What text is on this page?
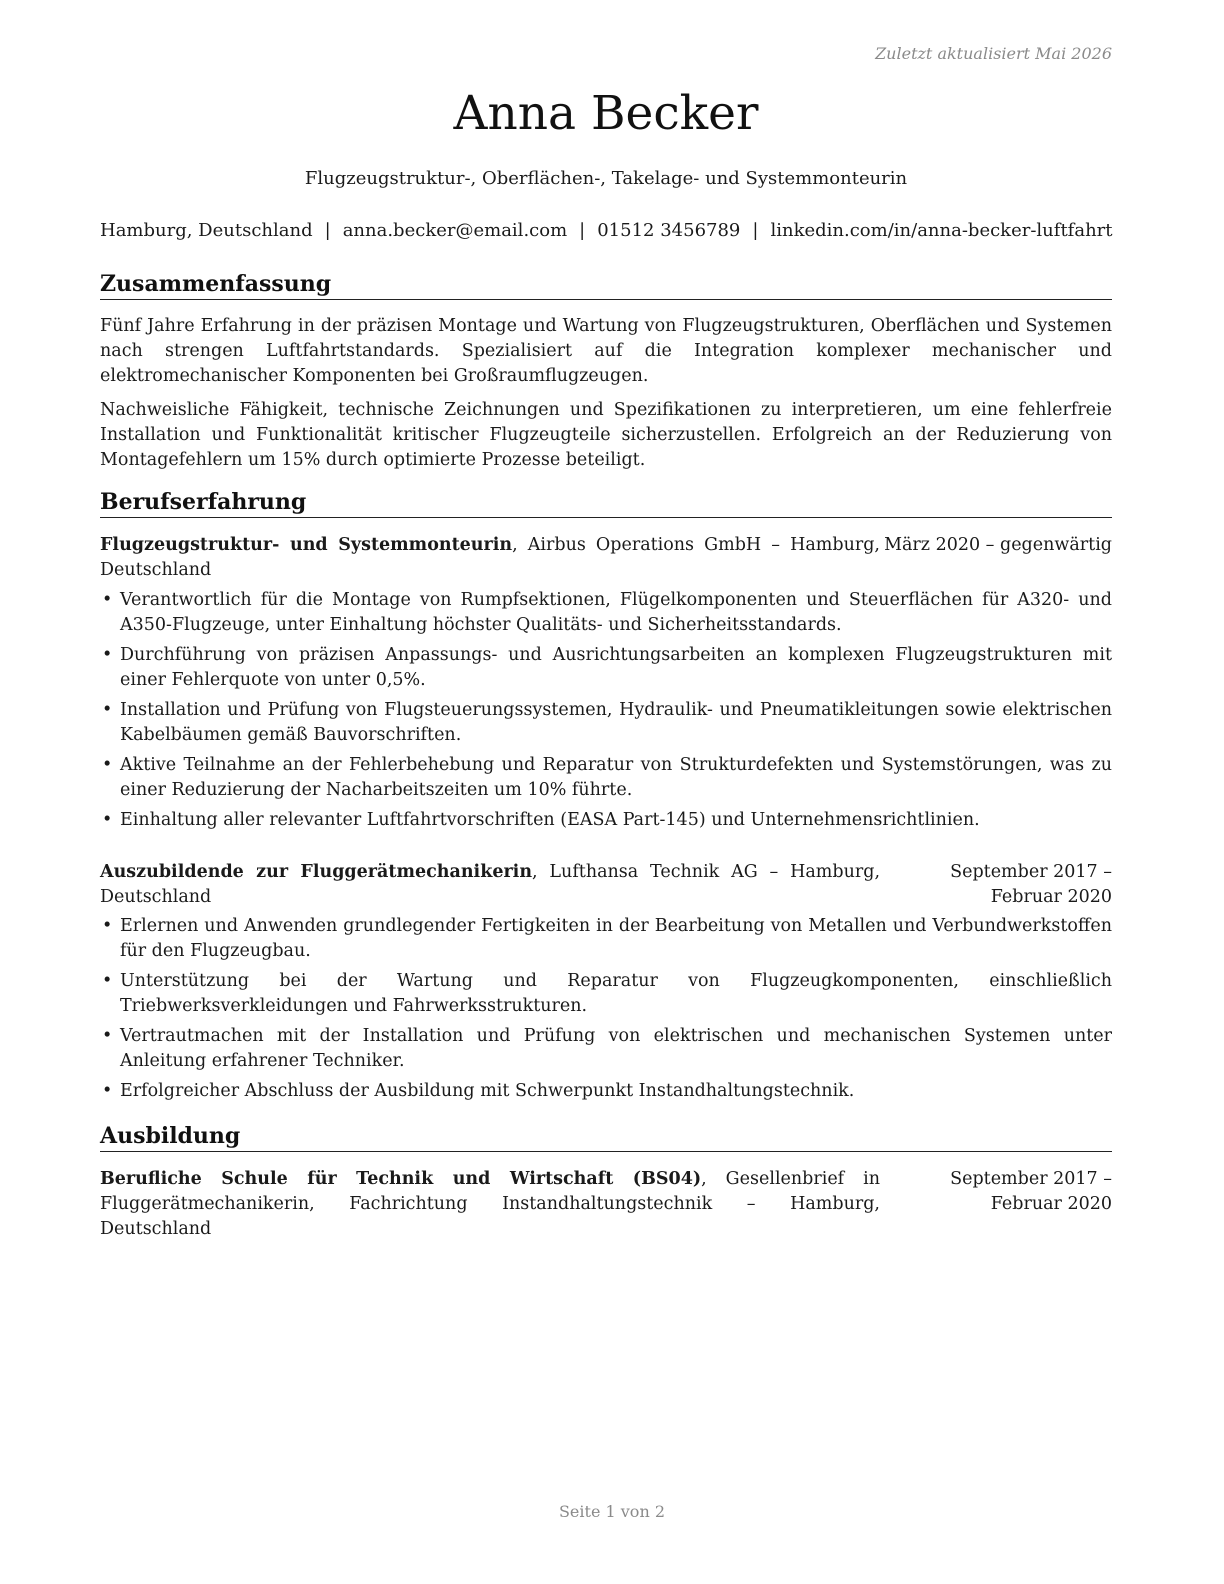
Zuletzt aktualisiert Mai 2026
Anna Becker
Flugzeugstruktur-, Oberflächen-, Takelage- und Systemmonteurin
Hamburg, Deutschland | anna.becker@email.com | 01512 3456789 | linkedin.com/in/anna-becker-luftfahrt
Zusammenfassung

Fünf Jahre Erfahrung in der präzisen Montage und Wartung von Flugzeugstrukturen, Oberflächen und Systemen nach strengen Luftfahrtstandards. Spezialisiert auf die Integration komplexer mechanischer und elektromechanischer Komponenten bei Großraumflugzeugen.

Nachweisliche Fähigkeit, technische Zeichnungen und Spezifikationen zu interpretieren, um eine fehlerfreie Installation und Funktionalität kritischer Flugzeugteile sicherzustellen. Erfolgreich an der Reduzierung von Montagefehlern um 15% durch optimierte Prozesse beteiligt.

Berufserfahrung
Flugzeugstruktur- und Systemmonteurin, Airbus Operations GmbH – Hamburg, Deutschland
März 2020 – gegenwärtig
• Verantwortlich für die Montage von Rumpfsektionen, Flügelkomponenten und Steuerflächen für A320- und A350-Flugzeuge, unter Einhaltung höchster Qualitäts- und Sicherheitsstandards.
• Durchführung von präzisen Anpassungs- und Ausrichtungsarbeiten an komplexen Flugzeugstrukturen mit einer Fehlerquote von unter 0,5%.
• Installation und Prüfung von Flugsteuerungssystemen, Hydraulik- und Pneumatikleitungen sowie elektrischen Kabelbäumen gemäß Bauvorschriften.
• Aktive Teilnahme an der Fehlerbehebung und Reparatur von Strukturdefekten und Systemstörungen, was zu einer Reduzierung der Nacharbeitszeiten um 10% führte.
• Einhaltung aller relevanter Luftfahrtvorschriften (EASA Part-145) und Unternehmensrichtlinien.
Auszubildende zur Fluggerätmechanikerin, Lufthansa Technik AG – Hamburg, Deutschland
September 2017 – Februar 2020
• Erlernen und Anwenden grundlegender Fertigkeiten in der Bearbeitung von Metallen und Verbundwerkstoffen für den Flugzeugbau.
• Unterstützung bei der Wartung und Reparatur von Flugzeugkomponenten, einschließlich Triebwerksverkleidungen und Fahrwerksstrukturen.
• Vertrautmachen mit der Installation und Prüfung von elektrischen und mechanischen Systemen unter Anleitung erfahrener Techniker.
• Erfolgreicher Abschluss der Ausbildung mit Schwerpunkt Instandhaltungstechnik.
Ausbildung
Berufliche Schule für Technik und Wirtschaft (BS04), Gesellenbrief in Fluggerätmechanikerin, Fachrichtung Instandhaltungstechnik – Hamburg, Deutschland
September 2017 – Februar 2020
Seite 1 von 2
